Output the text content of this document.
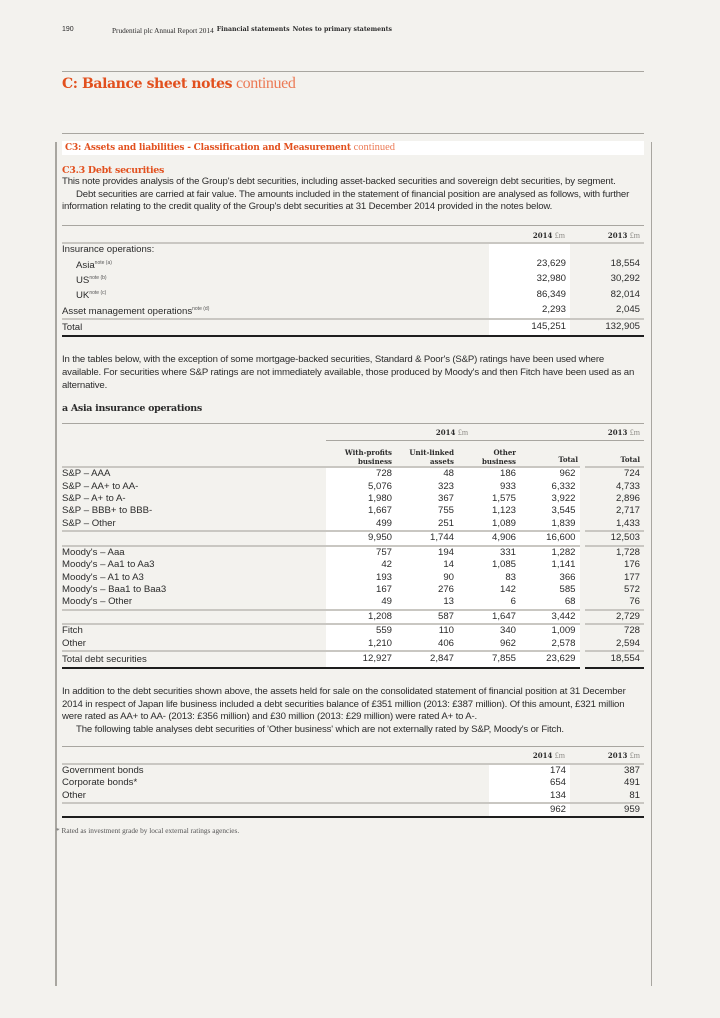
190	Prudential plc Annual Report 2014 Financial statements Notes to primary statements
C: Balance sheet notes continued
C3: Assets and liabilities - Classification and Measurement continued
C3.3 Debt securities

This note provides analysis of the Group's debt securities, including asset-backed securities and sovereign debt securities, by segment.

Debt securities are carried at fair value. The amounts included in the statement of financial position are analysed as follows, with further information relating to the credit quality of the Group's debt securities at 31 December 2014 provided in the notes below.

	2014 £m	2013 £m
Insurance operations:		
Asia$^{note (a)}$	23,629	18,554
US$^{note (b)}$	32,980	30,292
UK$^{note (c)}$	86,349	82,014
Asset management operations$^{note (d)}$	2,293	2,045
Total	145,251	132,905

In the tables below, with the exception of some mortgage-backed securities, Standard & Poor's (S&P) ratings have been used where available. For securities where S&P ratings are not immediately available, those produced by Moody's and then Fitch have been used as an alternative.

a Asia insurance operations
	2014 £m				2013 £m
	With-profits business	Unit-linked assets	Other business	Total	Total
S&P – AAA	728	48	186	962	724
S&P – AA+ to AA-	5,076	323	933	6,332	4,733
S&P – A+ to A-	1,980	367	1,575	3,922	2,896
S&P – BBB+ to BBB-	1,667	755	1,123	3,545	2,717
S&P – Other	499	251	1,089	1,839	1,433
	9,950	1,744	4,906	16,600	12,503
Moody's – Aaa	757	194	331	1,282	1,728
Moody's – Aa1 to Aa3	42	14	1,085	1,141	176
Moody's – A1 to A3	193	90	83	366	177
Moody's – Baa1 to Baa3	167	276	142	585	572
Moody's – Other	49	13	6	68	76
	1,208	587	1,647	3,442	2,729
Fitch	559	110	340	1,009	728
Other	1,210	406	962	2,578	2,594
Total debt securities	12,927	2,847	7,855	23,629	18,554

In addition to the debt securities shown above, the assets held for sale on the consolidated statement of financial position at 31 December 2014 in respect of Japan life business included a debt securities balance of £351 million (2013: £387 million). Of this amount, £321 million were rated as AA+ to AA- (2013: £356 million) and £30 million (2013: £29 million) were rated A+ to A-.

The following table analyses debt securities of 'Other business' which are not externally rated by S&P, Moody's or Fitch.

	2014 £m	2013 £m
Government bonds	174	387
Corporate bonds*	654	491
Other	134	81
	962	959
* Rated as investment grade by local external ratings agencies.
